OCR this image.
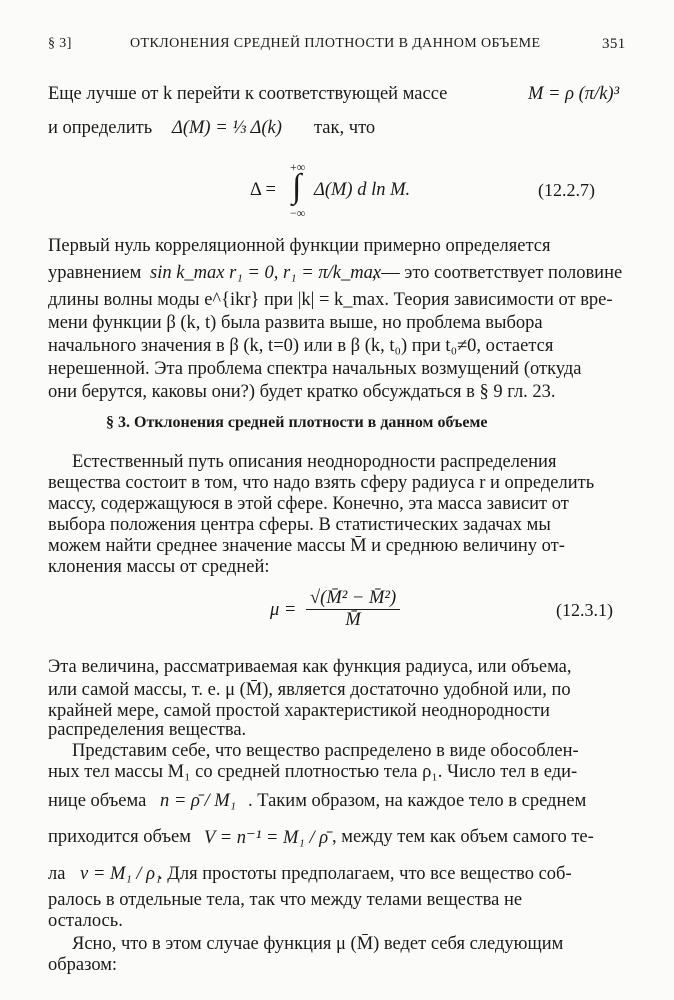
§ 3]	ОТКЛОНЕНИЯ СРЕДНЕЙ ПЛОТНОСТИ В ДАННОМ ОБЪЕМЕ	351
Еще лучше от k перейти к соответствующей массе	M = ρ (π/k)³
и определить Δ(M) = ⅓ Δ(k) так, что
Δ =
+∞
∫
−∞
Δ(M) d ln M.	(12.2.7)
Первый нуль корреляционной функции примерно определяется
уравнением sin k_max r₁ = 0, r₁ = π/k_max
, — это соответствует половине
длины волны моды e^{ikr} при |k| = k_max. Теория зависимости от вре-
мени функции β (k, t) была развита выше, но проблема выбора
начального значения в β (k, t=0) или в β (k, t₀) при t₀≠0, остается
нерешенной. Эта проблема спектра начальных возмущений (откуда
они берутся, каковы они?) будет кратко обсуждаться в § 9 гл. 23.
§ 3. Отклонения средней плотности в данном объеме
Естественный путь описания неоднородности распределения
вещества состоит в том, что надо взять сферу радиуса r и определить
массу, содержащуюся в этой сфере. Конечно, эта масса зависит от
выбора положения центра сферы. В статистических задачах мы
можем найти среднее значение массы M̄ и среднюю величину от-
клонения массы от средней:
$\mu = \frac{\text{√(M̄² − M̄²)}}{M̄}$	(12.3.1)
Эта величина, рассматриваемая как функция радиуса, или объема,
или самой массы, т. е. μ (M̄), является достаточно удобной или, по
крайней мере, самой простой характеристикой неоднородности
распределения вещества.
Представим себе, что вещество распределено в виде обособлен-
ных тел массы M₁ со средней плотностью тела ρ₁. Число тел в еди-
нице объема n = ρ̄ / M₁ . Таким образом, на каждое тело в среднем
приходится объем V = n⁻¹ = M₁ / ρ̄ , между тем как объем самого те-
ла v = M₁ / ρ₁
. Для простоты предполагаем, что все вещество соб-
ралось в отдельные тела, так что между телами вещества не
осталось.
Ясно, что в этом случае функция μ (M̄) ведет себя следующим
образом:
